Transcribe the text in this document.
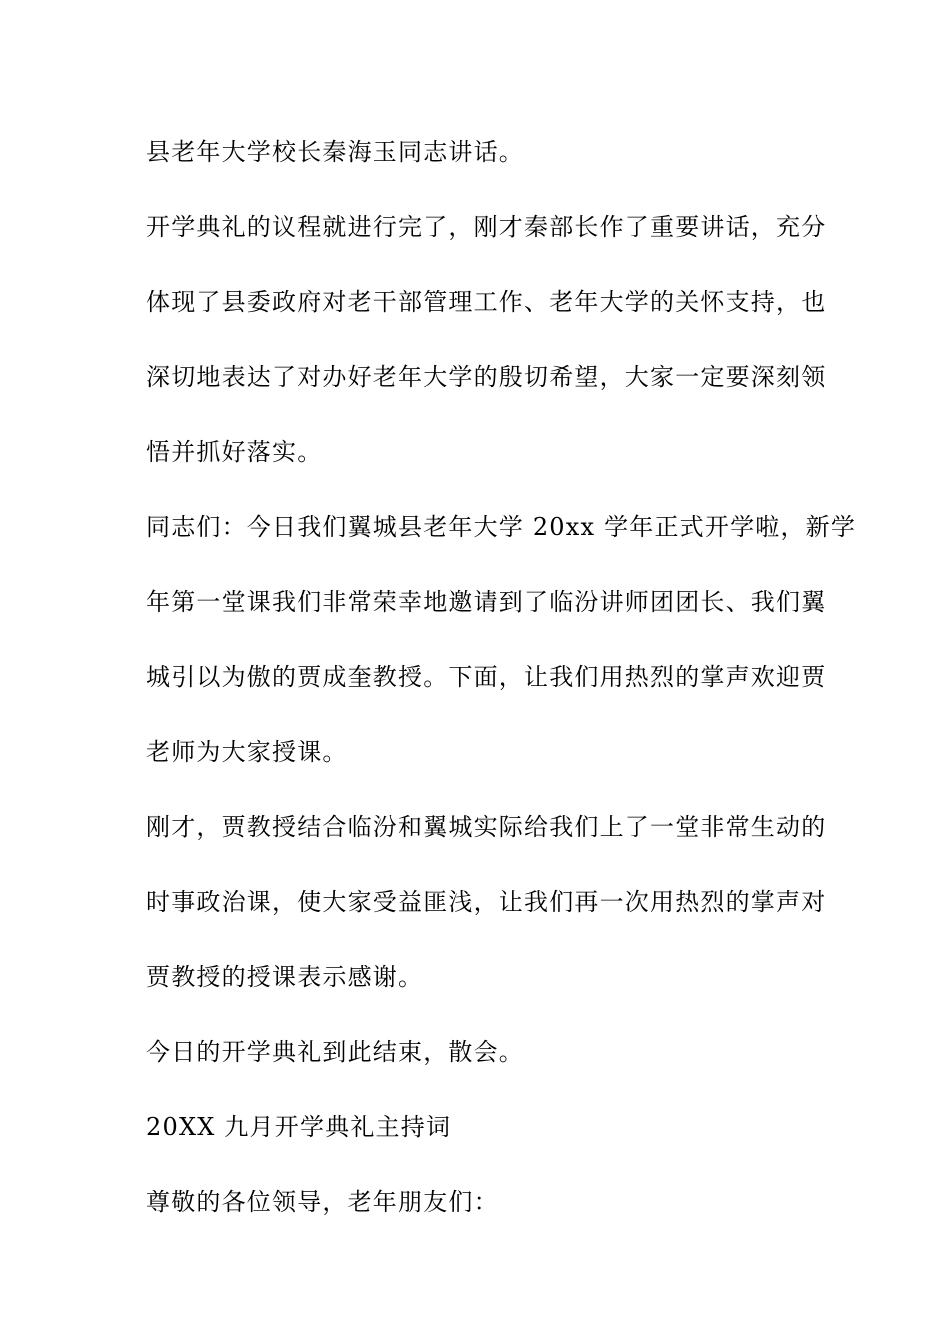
县老年大学校长秦海玉同志讲话。
开学典礼的议程就进行完了，刚才秦部长作了重要讲话，充分
体现了县委政府对老干部管理工作、老年大学的关怀支持，也
深切地表达了对办好老年大学的殷切希望，大家一定要深刻领
悟并抓好落实。
同志们：今日我们翼城县老年大学 20xx 学年正式开学啦，新学
年第一堂课我们非常荣幸地邀请到了临汾讲师团团长、我们翼
城引以为傲的贾成奎教授。下面，让我们用热烈的掌声欢迎贾
老师为大家授课。
刚才，贾教授结合临汾和翼城实际给我们上了一堂非常生动的
时事政治课，使大家受益匪浅，让我们再一次用热烈的掌声对
贾教授的授课表示感谢。
今日的开学典礼到此结束，散会。
20XX 九月开学典礼主持词
尊敬的各位领导，老年朋友们：
